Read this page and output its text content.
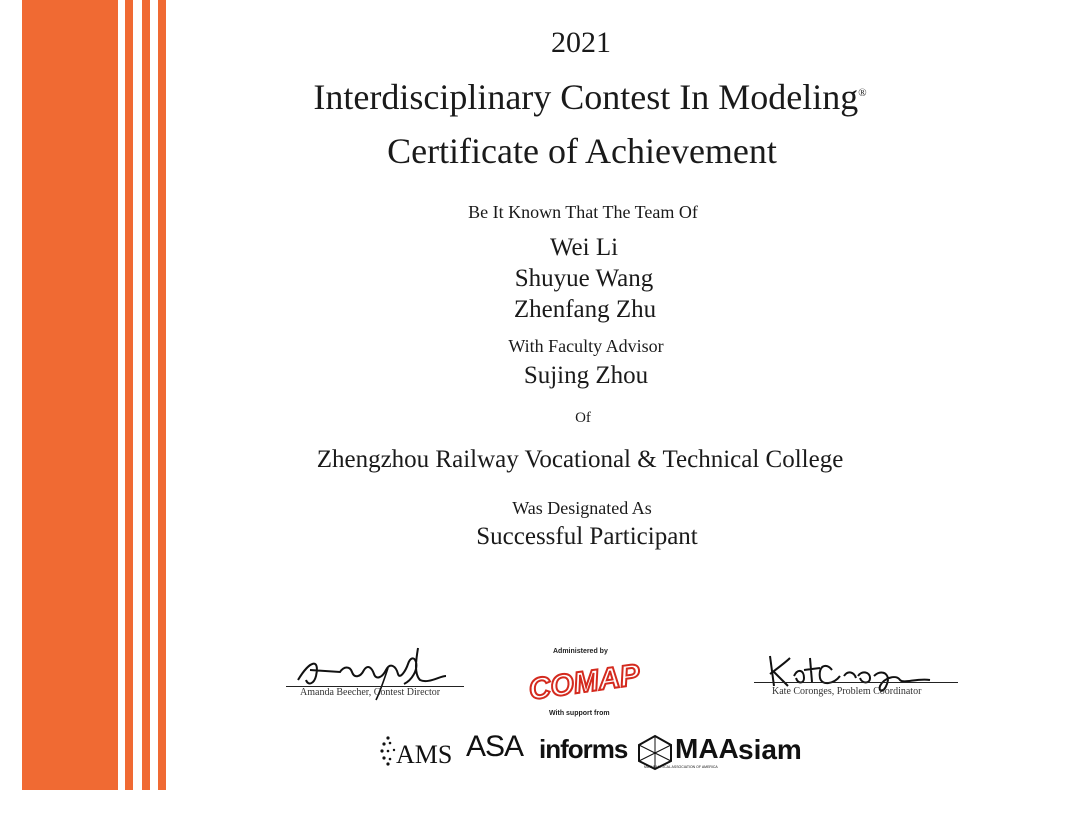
2021
Interdisciplinary Contest In Modeling®
Certificate of Achievement
Be It Known That The Team Of
Wei Li
Shuyue Wang
Zhenfang Zhu
With Faculty Advisor
Sujing Zhou
Of
Zhengzhou Railway Vocational & Technical College
Was Designated As
Successful Participant
Amanda Beecher, Contest Director	Kate Coronges, Problem Coordinator
Administered by
COMAP
With support from
AMS ASA informs MAA
MATHEMATICAL ASSOCIATION OF AMERICA
siam
